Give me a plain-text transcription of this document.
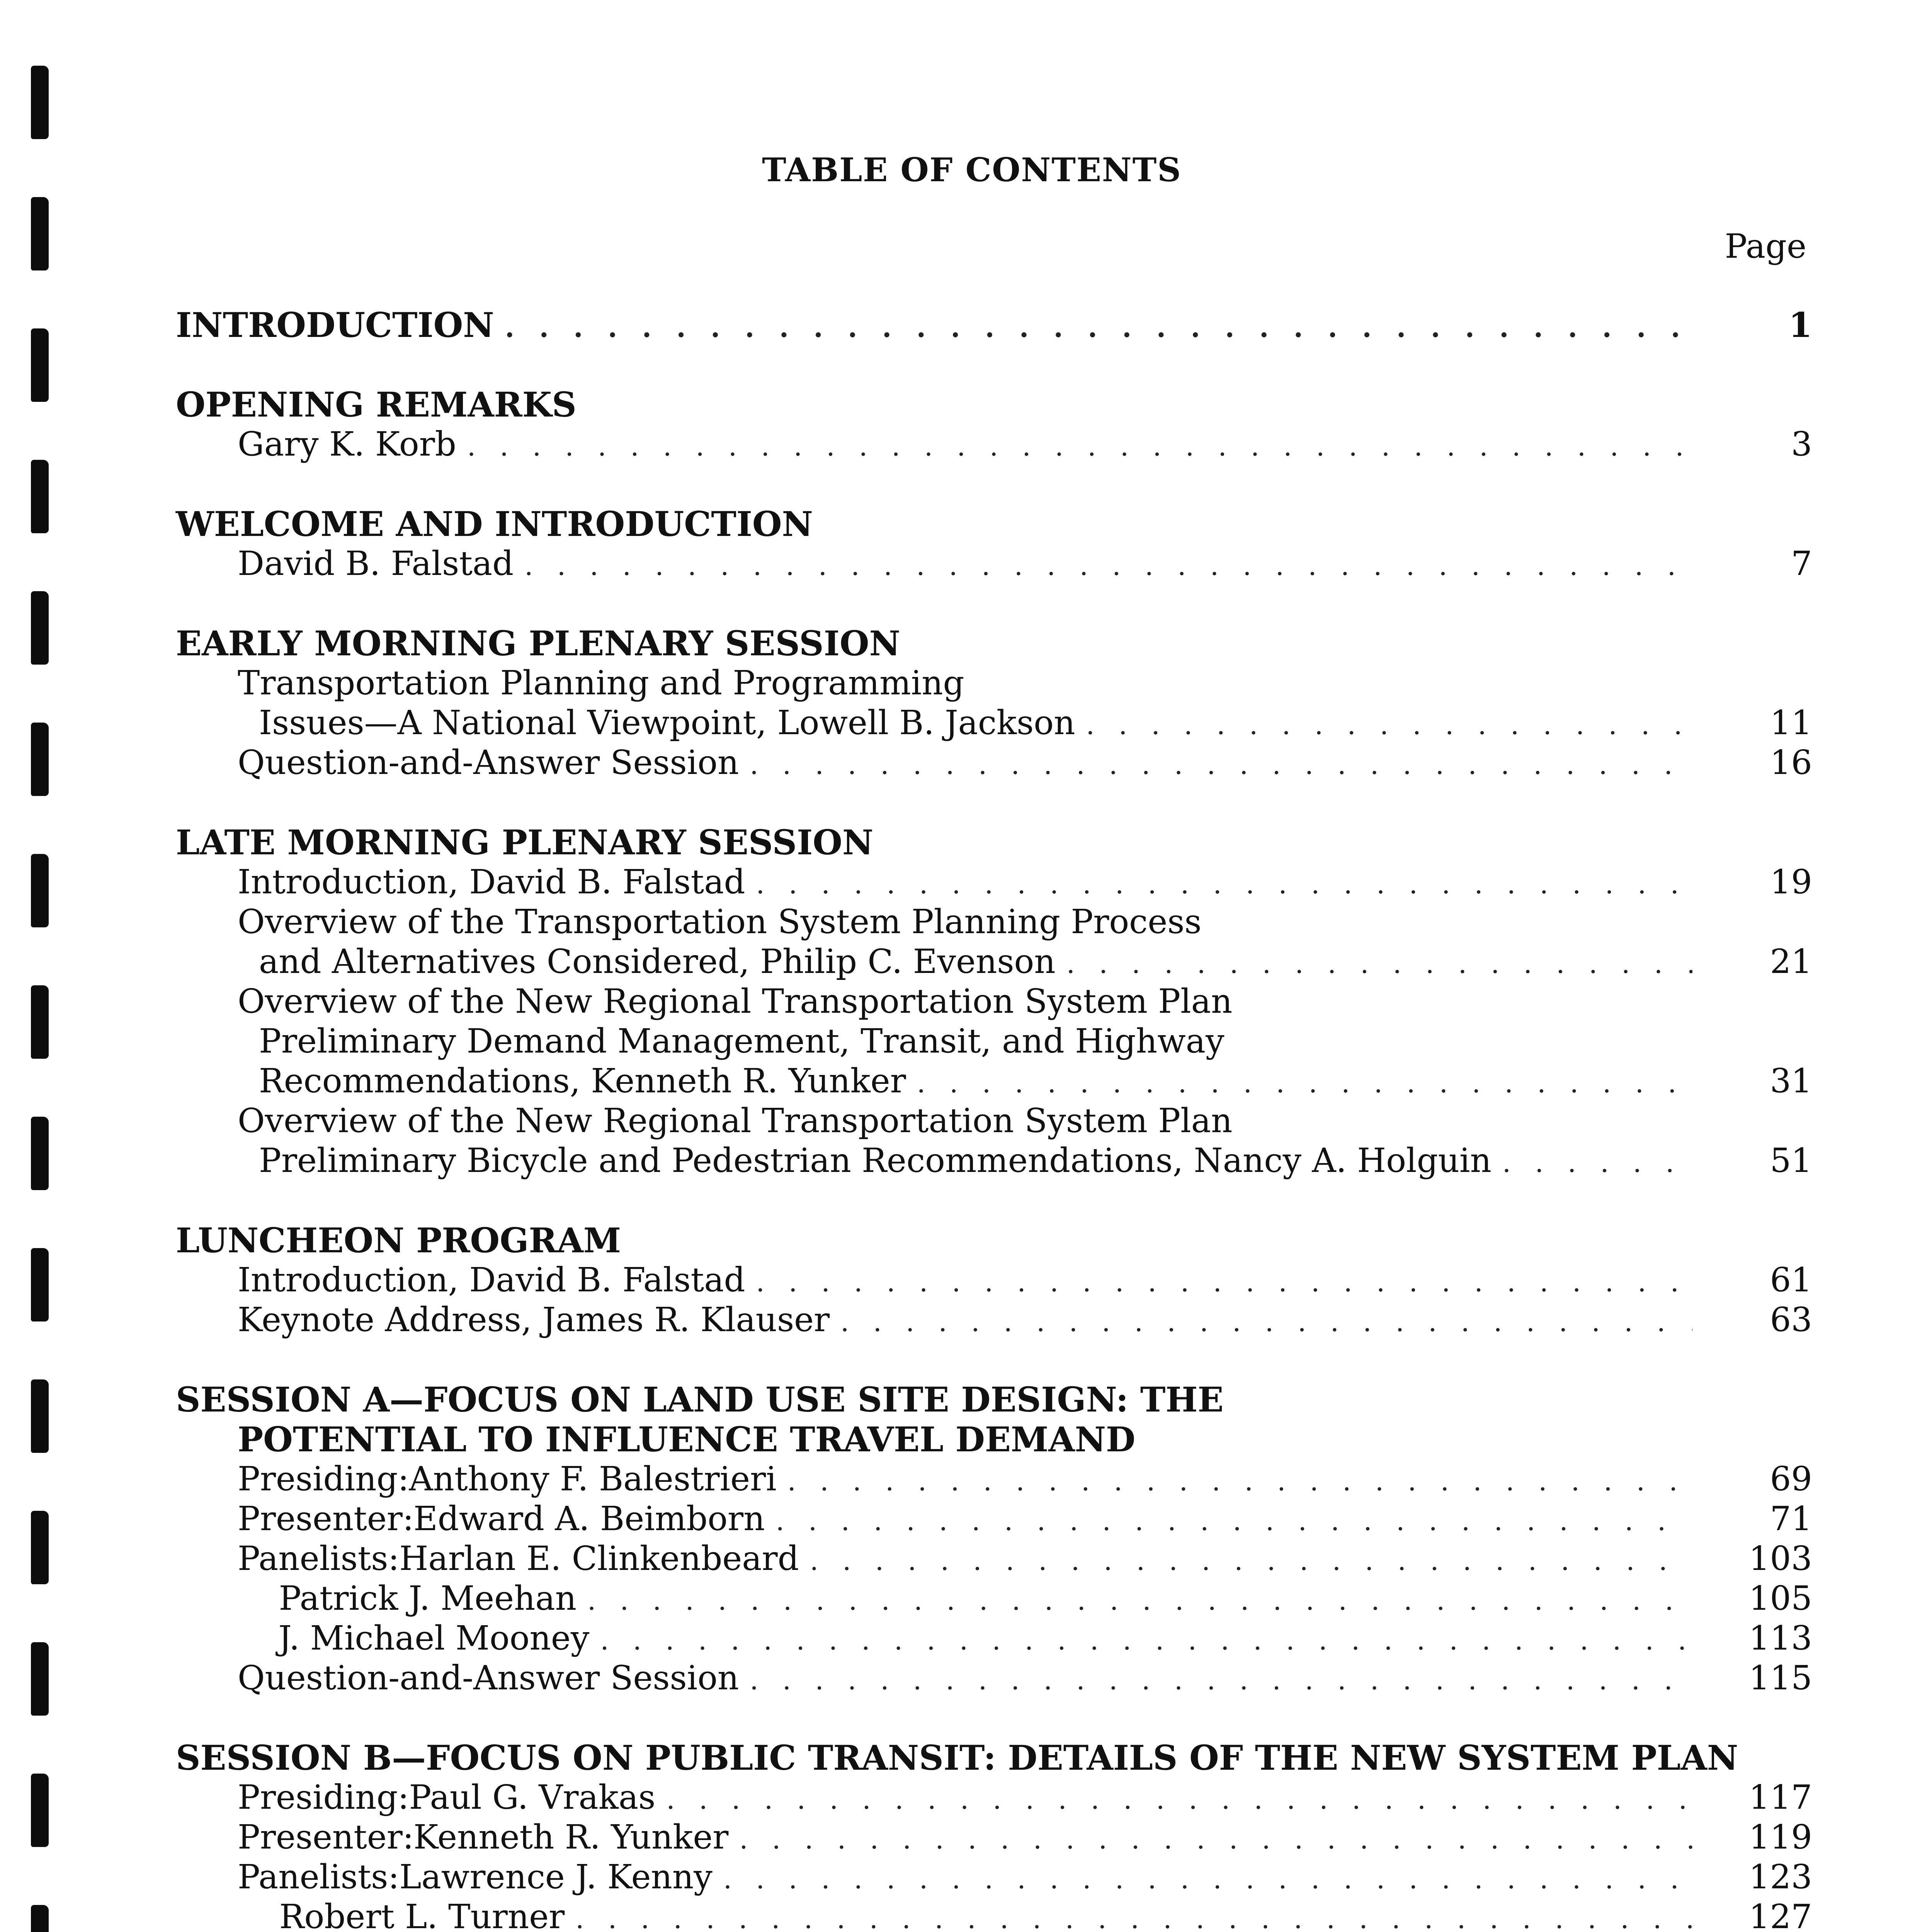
TABLE OF CONTENTS
Page
INTRODUCTION . . .	1
OPENING REMARKS
Gary K. Korb . . .	3
WELCOME AND INTRODUCTION
David B. Falstad . . .	7
EARLY MORNING PLENARY SESSION
Transportation Planning and Programming
Issues—A National Viewpoint, Lowell B. Jackson . . .	11
Question-and-Answer Session . . .	16
LATE MORNING PLENARY SESSION
Introduction, David B. Falstad . . .	19
Overview of the Transportation System Planning Process
and Alternatives Considered, Philip C. Evenson . . .	21
Overview of the New Regional Transportation System Plan
Preliminary Demand Management, Transit, and Highway
Recommendations, Kenneth R. Yunker . . .	31
Overview of the New Regional Transportation System Plan
Preliminary Bicycle and Pedestrian Recommendations, Nancy A. Holguin . . .	51
LUNCHEON PROGRAM
Introduction, David B. Falstad . . .	61
Keynote Address, James R. Klauser . . .	63
SESSION A—FOCUS ON LAND USE SITE DESIGN: THE
POTENTIAL TO INFLUENCE TRAVEL DEMAND
Presiding: Anthony F. Balestrieri . . .	69
Presenter: Edward A. Beimborn . . .	71
Panelists: Harlan E. Clinkenbeard . . .	103
Patrick J. Meehan . . .	105
J. Michael Mooney . . .	113
Question-and-Answer Session . . .	115
SESSION B—FOCUS ON PUBLIC TRANSIT: DETAILS OF THE NEW SYSTEM PLAN
Presiding: Paul G. Vrakas . . .	117
Presenter: Kenneth R. Yunker . . .	119
Panelists: Lawrence J. Kenny . . .	123
Robert L. Turner . . .	127
